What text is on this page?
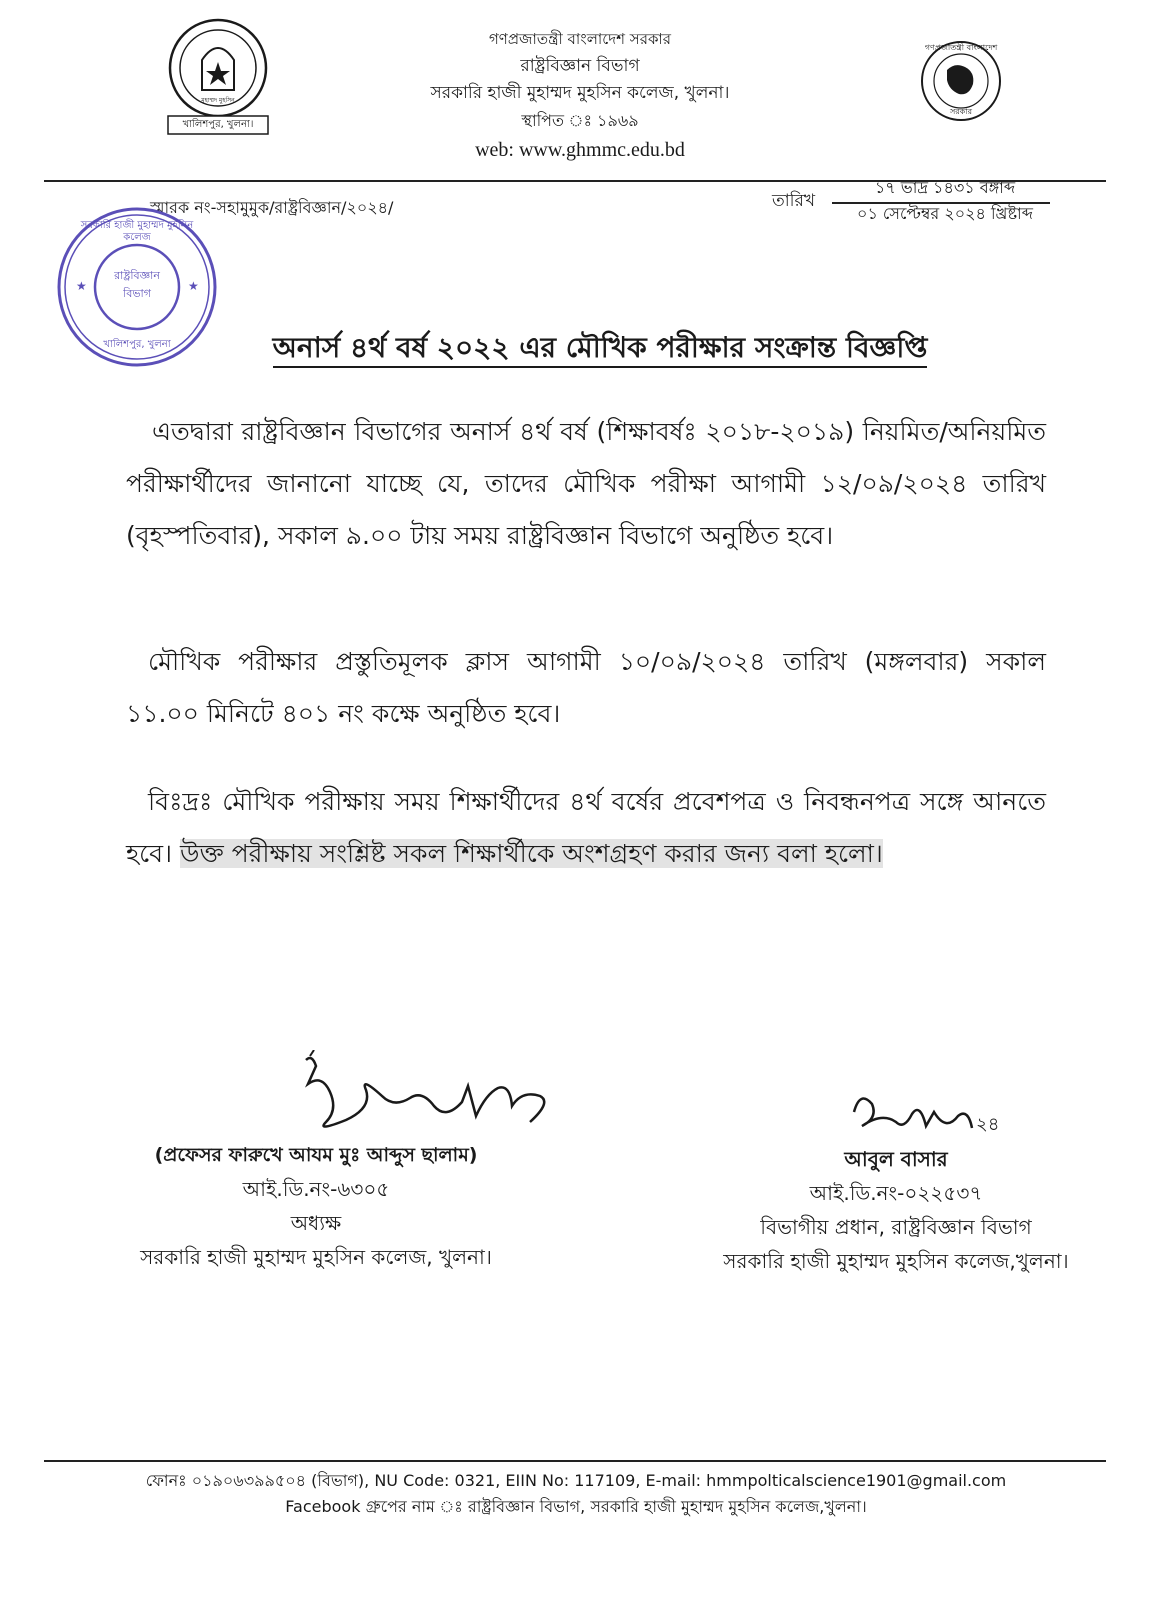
খালিশপুর, খুলনা।
মুহাম্মদ মুহসিন
গণপ্রজাতন্ত্রী বাংলাদেশ সরকার
রাষ্ট্রবিজ্ঞান বিভাগ
সরকারি হাজী মুহাম্মদ মুহসিন কলেজ, খুলনা।
স্থাপিত ঃ ১৯৬৯
web: www.ghmmc.edu.bd
গণপ্রজাতন্ত্রী বাংলাদেশ
সরকার
স্মারক নং-সহামুমুক/রাষ্ট্রবিজ্ঞান/২০২৪/	তারিখ
১৭ ভাদ্র ১৪৩১ বঙ্গাব্দ
০১ সেপ্টেম্বর ২০২৪ খ্রিষ্টাব্দ
★	★
সরকারি হাজী মুহাম্মদ মুহসিন কলেজ
খালিশপুর, খুলনা
রাষ্ট্রবিজ্ঞান
বিভাগ
অনার্স ৪র্থ বর্ষ ২০২২ এর মৌখিক পরীক্ষার সংক্রান্ত বিজ্ঞপ্তি
এতদ্বারা রাষ্ট্রবিজ্ঞান বিভাগের অনার্স ৪র্থ বর্ষ (শিক্ষাবর্ষঃ ২০১৮-২০১৯) নিয়মিত/অনিয়মিত পরীক্ষার্থীদের জানানো যাচ্ছে যে, তাদের মৌখিক পরীক্ষা আগামী ১২/০৯/২০২৪ তারিখ (বৃহস্পতিবার), সকাল ৯.০০ টায় সময় রাষ্ট্রবিজ্ঞান বিভাগে অনুষ্ঠিত হবে।
মৌখিক পরীক্ষার প্রস্তুতিমূলক ক্লাস আগামী ১০/০৯/২০২৪ তারিখ (মঙ্গলবার) সকাল ১১.০০ মিনিটে ৪০১ নং কক্ষে অনুষ্ঠিত হবে।
বিঃদ্রঃ মৌখিক পরীক্ষায় সময় শিক্ষার্থীদের ৪র্থ বর্ষের প্রবেশপত্র ও নিবন্ধনপত্র সঙ্গে আনতে হবে। উক্ত পরীক্ষায় সংশ্লিষ্ট সকল শিক্ষার্থীকে অংশগ্রহণ করার জন্য বলা হলো।
(প্রফেসর ফারুখে আযম মুঃ আব্দুস ছালাম)
আই.ডি.নং-৬৩০৫
অধ্যক্ষ
সরকারি হাজী মুহাম্মদ মুহসিন কলেজ, খুলনা।
২৪
আবুল বাসার
আই.ডি.নং-০২২৫৩৭
বিভাগীয় প্রধান, রাষ্ট্রবিজ্ঞান বিভাগ
সরকারি হাজী মুহাম্মদ মুহসিন কলেজ,খুলনা।
ফোনঃ ০১৯০৬৩৯৯৫০৪ (বিভাগ), NU Code: 0321, EIIN No: 117109, E-mail: hmmpolticalscience1901@gmail.com
Facebook গ্রুপের নাম ঃ রাষ্ট্রবিজ্ঞান বিভাগ, সরকারি হাজী মুহাম্মদ মুহসিন কলেজ,খুলনা।
